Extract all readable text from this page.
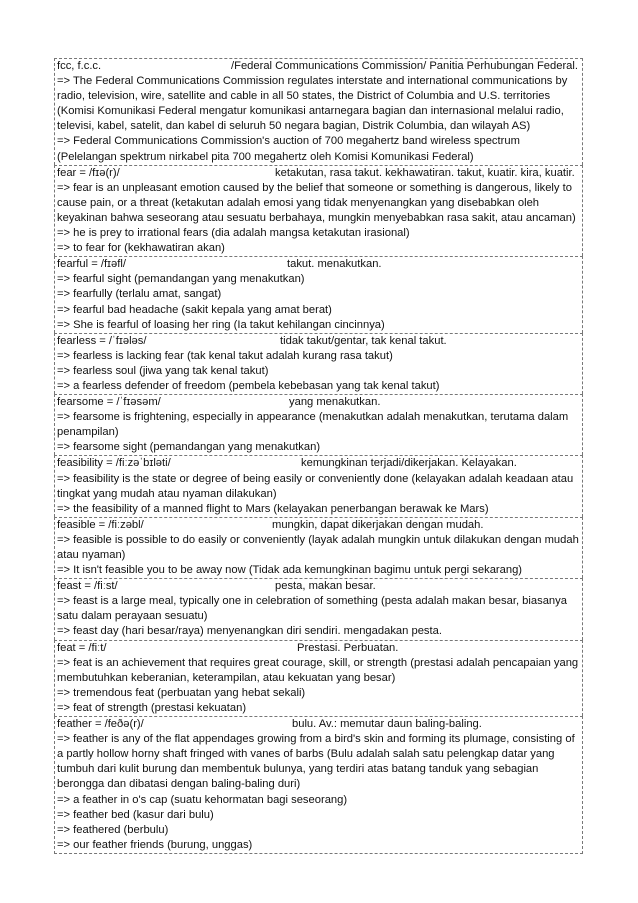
fcc, f.c.c.	/Federal Communications Commission/ Panitia Perhubungan Federal.
=> The Federal Communications Commission regulates interstate and international communications by radio, television, wire, satellite and cable in all 50 states, the District of Columbia and U.S. territories (Komisi Komunikasi Federal mengatur komunikasi antarnegara bagian dan internasional melalui radio, televisi, kabel, satelit, dan kabel di seluruh 50 negara bagian, Distrik Columbia, dan wilayah AS)
=> Federal Communications Commission's auction of 700 megahertz band wireless spectrum (Pelelangan spektrum nirkabel pita 700 megahertz oleh Komisi Komunikasi Federal)
fear = /fɪə(r)/	ketakutan, rasa takut. kekhawatiran. takut, kuatir. kira, kuatir.
=> fear is an unpleasant emotion caused by the belief that someone or something is dangerous, likely to cause pain, or a threat (ketakutan adalah emosi yang tidak menyenangkan yang disebabkan oleh keyakinan bahwa seseorang atau sesuatu berbahaya, mungkin menyebabkan rasa sakit, atau ancaman)
=> he is prey to irrational fears (dia adalah mangsa ketakutan irasional)
=> to fear for (kekhawatiran akan)
fearful = /fɪəfl/	takut. menakutkan.
=> fearful sight (pemandangan yang menakutkan)
=> fearfully (terlalu amat, sangat)
=> fearful bad headache (sakit kepala yang amat berat)
=> She is fearful of loasing her ring (Ia takut kehilangan cincinnya)
fearless = /ˈfɪələs/	tidak takut/gentar, tak kenal takut.
=> fearless is lacking fear (tak kenal takut adalah kurang rasa takut)
=> fearless soul (jiwa yang tak kenal takut)
=> a fearless defender of freedom (pembela kebebasan yang tak kenal takut)
fearsome = /ˈfɪəsəm/	yang menakutkan.
=> fearsome is frightening, especially in appearance (menakutkan adalah menakutkan, terutama dalam penampilan)
=> fearsome sight (pemandangan yang menakutkan)
feasibility = /fiːzəˈbɪləti/	kemungkinan terjadi/dikerjakan. Kelayakan.
=> feasibility is the state or degree of being easily or conveniently done (kelayakan adalah keadaan atau tingkat yang mudah atau nyaman dilakukan)
=> the feasibility of a manned flight to Mars (kelayakan penerbangan berawak ke Mars)
feasible = /fiːzəbl/	mungkin, dapat dikerjakan dengan mudah.
=> feasible is possible to do easily or conveniently (layak adalah mungkin untuk dilakukan dengan mudah atau nyaman)
=> It isn't feasible you to be away now (Tidak ada kemungkinan bagimu untuk pergi sekarang)
feast = /fiːst/	pesta, makan besar.
=> feast is a large meal, typically one in celebration of something (pesta adalah makan besar, biasanya satu dalam perayaan sesuatu)
=> feast day (hari besar/raya) menyenangkan diri sendiri. mengadakan pesta.
feat = /fiːt/	Prestasi. Perbuatan.
=> feat is an achievement that requires great courage, skill, or strength (prestasi adalah pencapaian yang membutuhkan keberanian, keterampilan, atau kekuatan yang besar)
=> tremendous feat (perbuatan yang hebat sekali)
=> feat of strength (prestasi kekuatan)
feather = /feðə(r)/	bulu. Av.: memutar daun baling-baling.
=> feather is any of the flat appendages growing from a bird's skin and forming its plumage, consisting of a partly hollow horny shaft fringed with vanes of barbs (Bulu adalah salah satu pelengkap datar yang tumbuh dari kulit burung dan membentuk bulunya, yang terdiri atas batang tanduk yang sebagian berongga dan dibatasi dengan baling-baling duri)
=> a feather in o's cap (suatu kehormatan bagi seseorang)
=> feather bed (kasur dari bulu)
=> feathered (berbulu)
=> our feather friends (burung, unggas)
